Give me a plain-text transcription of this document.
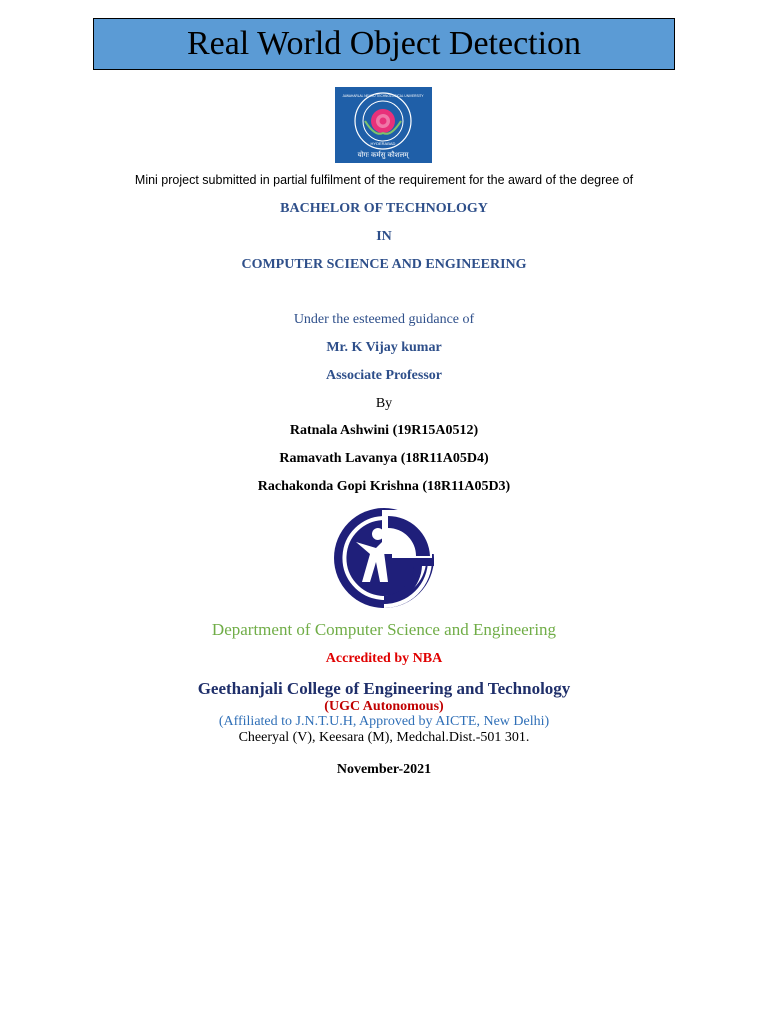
Real World Object Detection
JAWAHARLAL NEHRU TECHNOLOGICAL UNIVERSITY
HYDERABAD
योगः कर्मसु कौशलम्
Mini project submitted in partial fulfilment of the requirement for the award of the degree of
BACHELOR OF TECHNOLOGY
IN
COMPUTER SCIENCE AND ENGINEERING
Under the esteemed guidance of
Mr. K Vijay kumar
Associate Professor
By
Ratnala Ashwini (19R15A0512)
Ramavath Lavanya (18R11A05D4)
Rachakonda Gopi Krishna (18R11A05D3)
Department of Computer Science and Engineering
Accredited by NBA
Geethanjali College of Engineering and Technology
(UGC Autonomous)
(Affiliated to J.N.T.U.H, Approved by AICTE, New Delhi)
Cheeryal (V), Keesara (M), Medchal.Dist.-501 301.
November-2021
